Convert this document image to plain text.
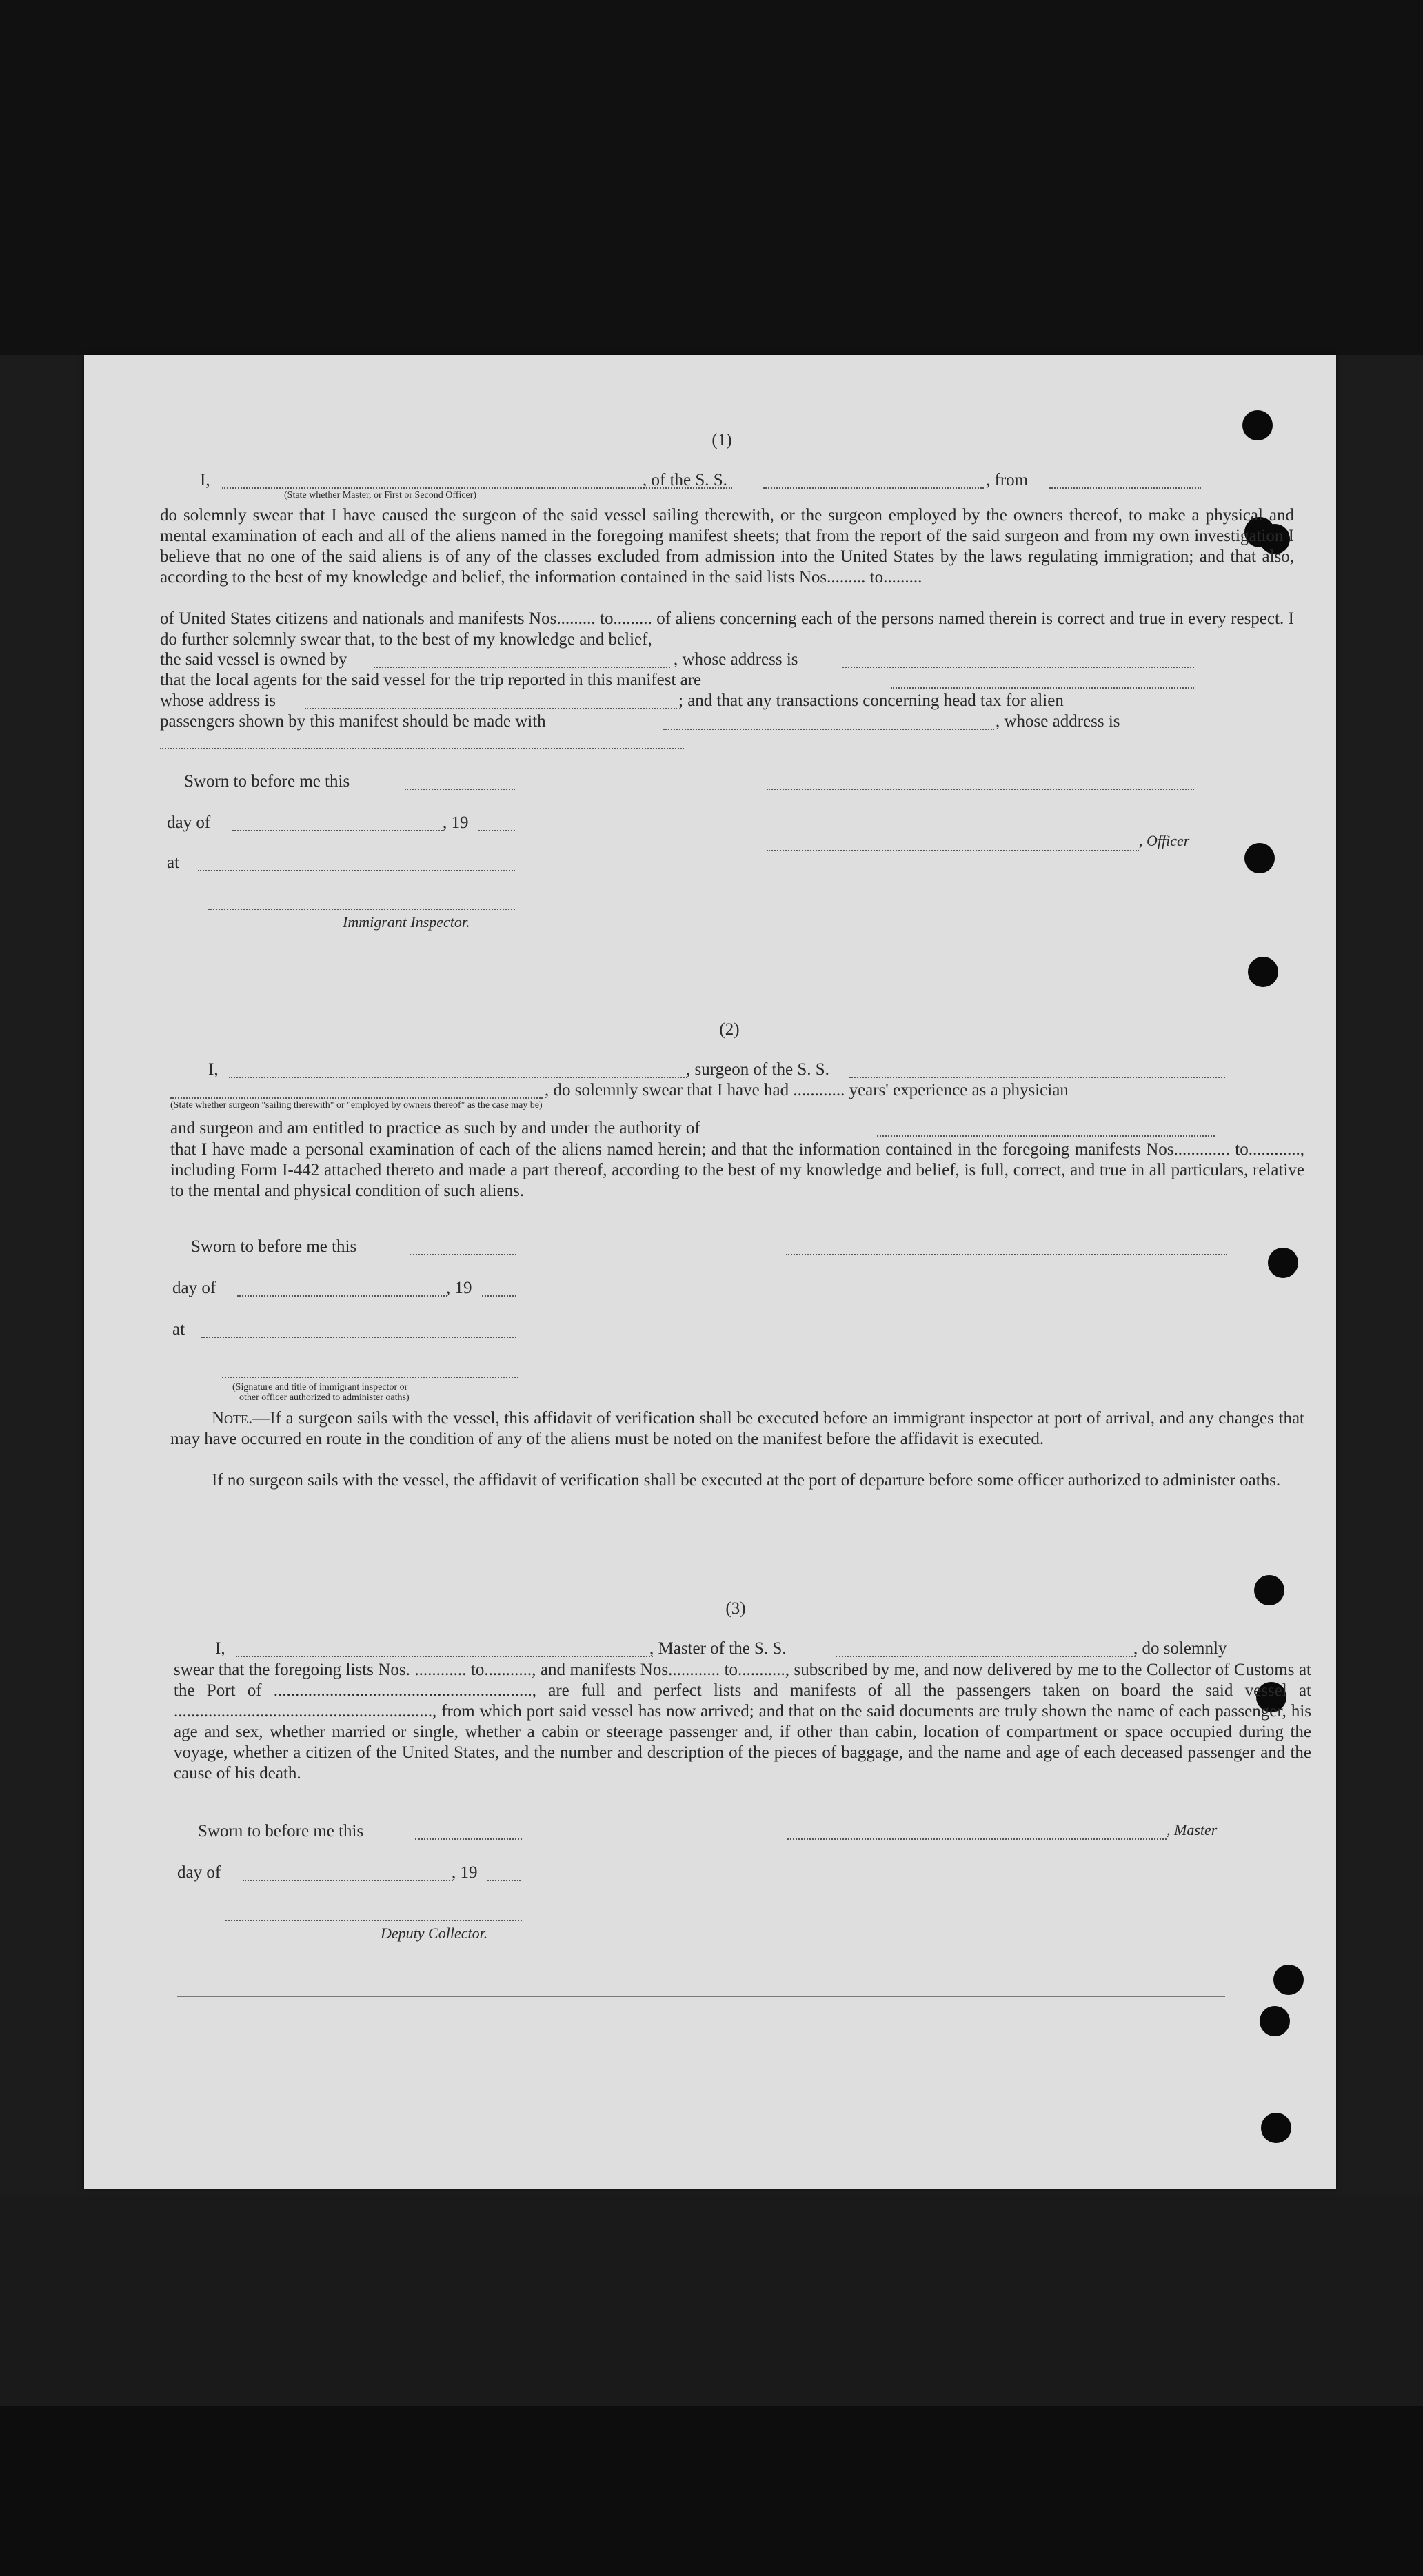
(1)
I,	, of the S. S.	, from
(State whether Master, or First or Second Officer)
do solemnly swear that I have caused the surgeon of the said vessel sailing therewith, or the surgeon employed by the owners thereof, to make a physical and mental examination of each and all of the aliens named in the foregoing manifest sheets; that from the report of the said surgeon and from my own investigation I believe that no one of the said aliens is of any of the classes excluded from admission into the United States by the laws regulating immigration; and that also, according to the best of my knowledge and belief, the information contained in the said lists Nos......... to.........
of United States citizens and nationals and manifests Nos......... to......... of aliens concerning each of the persons named therein is correct and true in every respect. I do further solemnly swear that, to the best of my knowledge and belief,
the said vessel is owned by	, whose address is
that the local agents for the said vessel for the trip reported in this manifest are
whose address is	; and that any transactions concerning head tax for alien
passengers shown by this manifest should be made with	, whose address is
Sworn to before me this
day of	, 19
, Officer
at
Immigrant Inspector.
(2)
I,	, surgeon of the S. S.
, do solemnly swear that I have had ............ years' experience as a physician
(State whether surgeon "sailing therewith" or "employed by owners thereof" as the case may be)
and surgeon and am entitled to practice as such by and under the authority of
that I have made a personal examination of each of the aliens named herein; and that the information contained in the foregoing manifests Nos............. to............, including Form I-442 attached thereto and made a part thereof, according to the best of my knowledge and belief, is full, correct, and true in all particulars, relative to the mental and physical condition of such aliens.
Sworn to before me this
day of	, 19
at
(Signature and title of immigrant inspector or
other officer authorized to administer oaths)
Note.—If a surgeon sails with the vessel, this affidavit of verification shall be executed before an immigrant inspector at port of arrival, and any changes that may have occurred en route in the condition of any of the aliens must be noted on the manifest before the affidavit is executed.
If no surgeon sails with the vessel, the affidavit of verification shall be executed at the port of departure before some officer authorized to administer oaths.
(3)
I,	, Master of the S. S.	, do solemnly
swear that the foregoing lists Nos. ............ to..........., and manifests Nos............ to..........., subscribed by me, and now delivered by me to the Collector of Customs at the Port of ............................................................, are full and perfect lists and manifests of all the passengers taken on board the said vessel at ............................................................, from which port said vessel has now arrived; and that on the said documents are truly shown the name of each passenger, his age and sex, whether married or single, whether a cabin or steerage passenger and, if other than cabin, location of compartment or space occupied during the voyage, whether a citizen of the United States, and the number and description of the pieces of baggage, and the name and age of each deceased passenger and the cause of his death.
Sworn to before me this	, Master
day of	, 19
Deputy Collector.
